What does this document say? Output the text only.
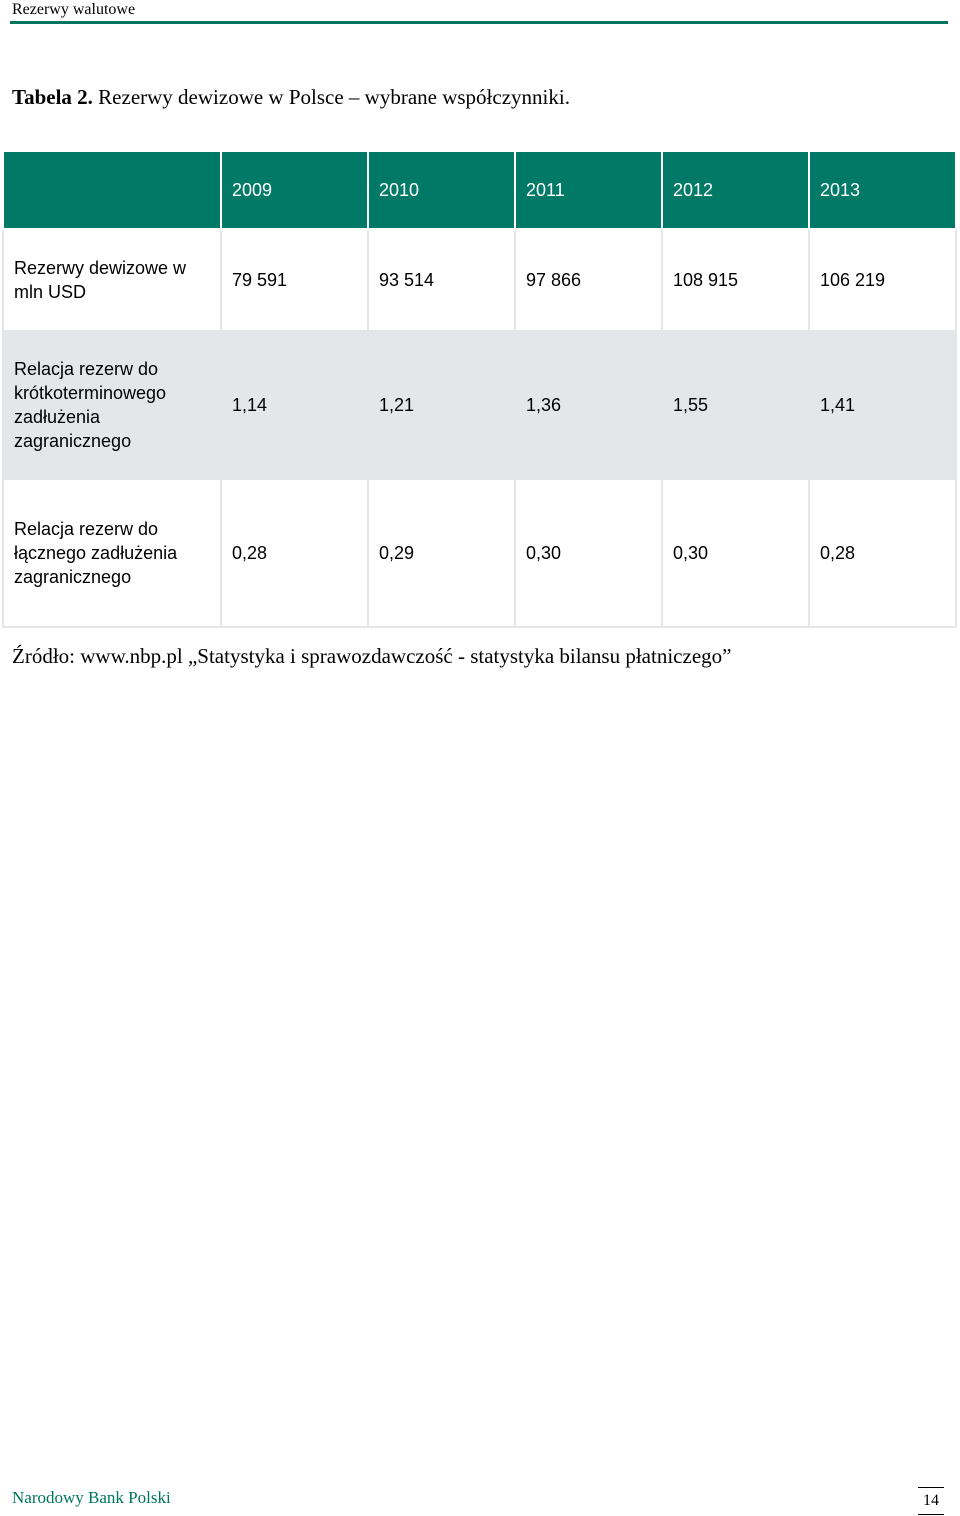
Rezerwy walutowe
Tabela 2. Rezerwy dewizowe w Polsce – wybrane współczynniki.
	2009	2010	2011	2012	2013
Rezerwy dewizowe w mln USD	79 591	93 514	97 866	108 915	106 219
Relacja rezerw do krótkoterminowego zadłużenia zagranicznego	1,14	1,21	1,36	1,55	1,41
Relacja rezerw do łącznego zadłużenia zagranicznego	0,28	0,29	0,30	0,30	0,28
Źródło: www.nbp.pl „Statystyka i sprawozdawczość - statystyka bilansu płatniczego”
Narodowy Bank Polski	14
